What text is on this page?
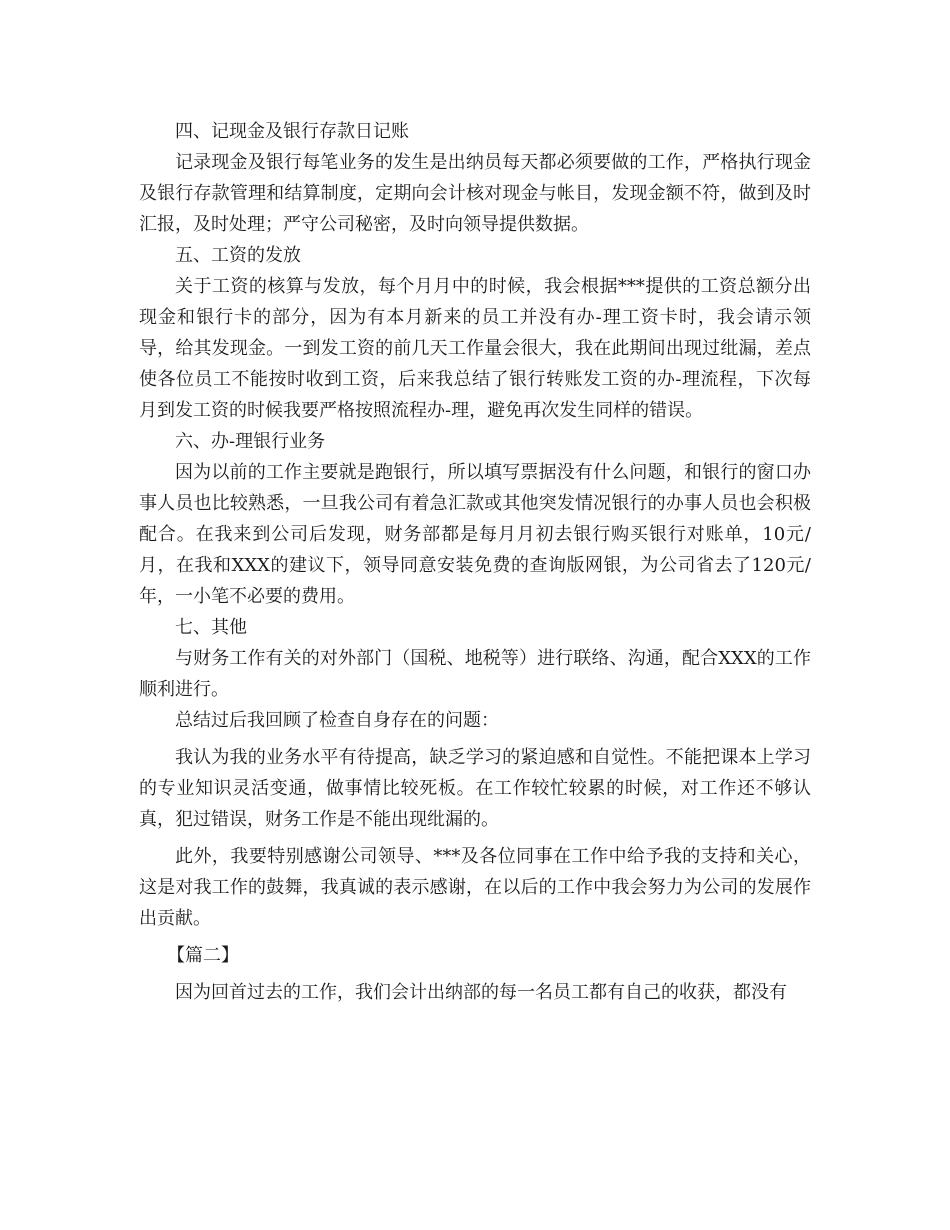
四、记现金及银行存款日记账

记录现金及银行每笔业务的发生是出纳员每天都必须要做的工作，严格执行现金及银行存款管理和结算制度，定期向会计核对现金与帐目，发现金额不符，做到及时汇报，及时处理；严守公司秘密，及时向领导提供数据。

五、工资的发放

关于工资的核算与发放，每个月月中的时候，我会根据***提供的工资总额分出现金和银行卡的部分，因为有本月新来的员工并没有办-理工资卡时，我会请示领导，给其发现金。一到发工资的前几天工作量会很大，我在此期间出现过纰漏，差点使各位员工不能按时收到工资，后来我总结了银行转账发工资的办-理流程，下次每月到发工资的时候我要严格按照流程办-理，避免再次发生同样的错误。

六、办-理银行业务

因为以前的工作主要就是跑银行，所以填写票据没有什么问题，和银行的窗口办事人员也比较熟悉，一旦我公司有着急汇款或其他突发情况银行的办事人员也会积极配合。在我来到公司后发现，财务部都是每月月初去银行购买银行对账单，10元/月，在我和XXX的建议下，领导同意安装免费的查询版网银，为公司省去了120元/年，一小笔不必要的费用。

七、其他

与财务工作有关的对外部门（国税、地税等）进行联络、沟通，配合XXX的工作顺利进行。

总结过后我回顾了检查自身存在的问题：

我认为我的业务水平有待提高，缺乏学习的紧迫感和自觉性。不能把课本上学习的专业知识灵活变通，做事情比较死板。在工作较忙较累的时候，对工作还不够认真，犯过错误，财务工作是不能出现纰漏的。

此外，我要特别感谢公司领导、***及各位同事在工作中给予我的支持和关心，这是对我工作的鼓舞，我真诚的表示感谢，在以后的工作中我会努力为公司的发展作出贡献。

【篇二】

因为回首过去的工作，我们会计出纳部的每一名员工都有自己的收获，都没有
